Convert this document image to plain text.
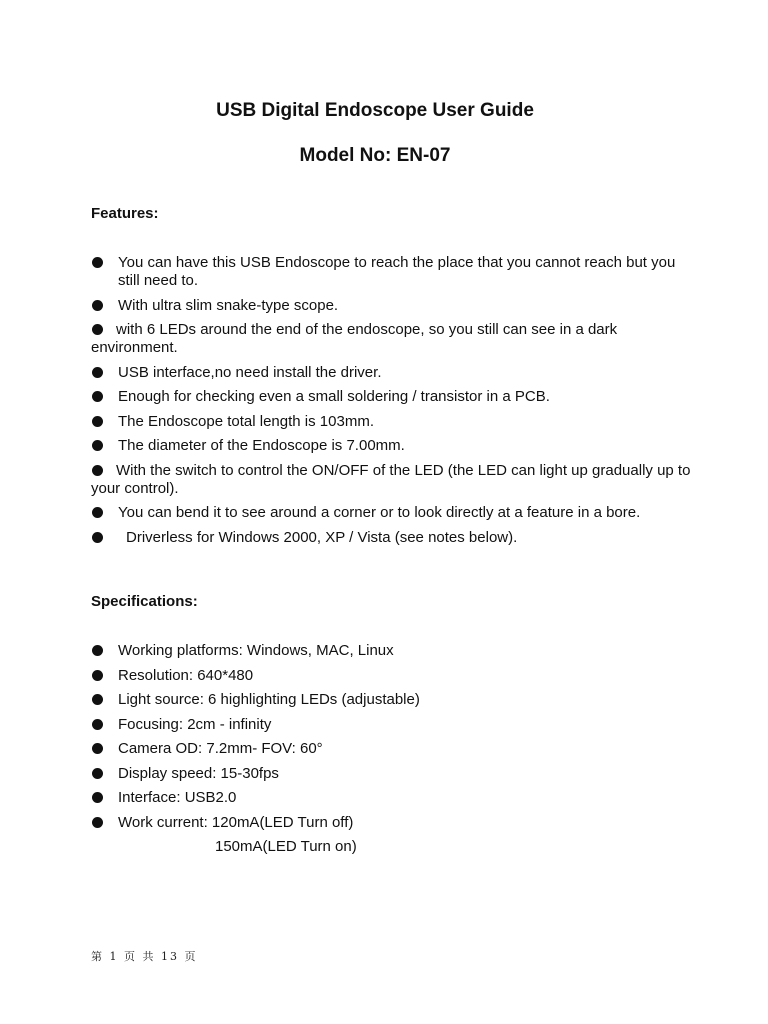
USB Digital Endoscope User Guide
Model No: EN-07
Features:
You can have this USB Endoscope to reach the place that you cannot reach but you still need to.
With ultra slim snake-type scope.
with 6 LEDs around the end of the endoscope, so you still can see in a dark environment.
USB interface,no need install the driver.
Enough for checking even a small soldering / transistor in a PCB.
The Endoscope total length is 103mm.
The diameter of the Endoscope is 7.00mm.
With the switch to control the ON/OFF of the LED (the LED can light up gradually up to your control).
You can bend it to see around a corner or to look directly at a feature in a bore.
Driverless for Windows 2000, XP / Vista (see notes below).
Specifications:
Working platforms: Windows, MAC, Linux
Resolution: 640*480
Light source: 6 highlighting LEDs (adjustable)
Focusing: 2cm - infinity
Camera OD: 7.2mm- FOV: 60°
Display speed: 15-30fps
Interface: USB2.0
Work current: 120mA(LED Turn off)
150mA(LED Turn on)
第 1 页 共 13 页
